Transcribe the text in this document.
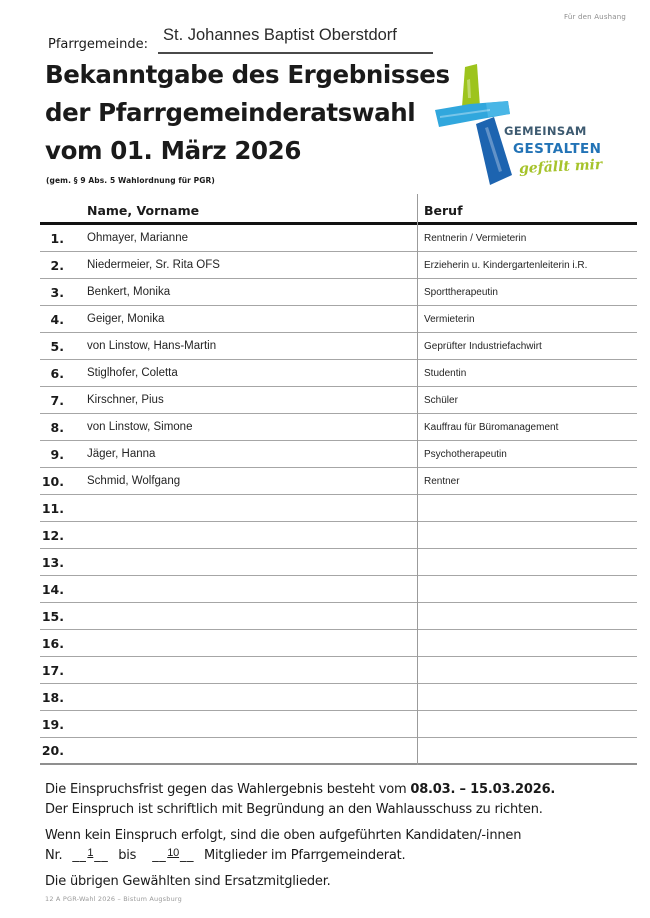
Für den Aushang
Pfarrgemeinde:
St. Johannes Baptist Oberstdorf
Bekanntgabe des Ergebnisses
der Pfarrgemeinderatswahl
vom 01. März 2026
(gem. § 9 Abs. 5 Wahlordnung für PGR)
GEMEINSAM
GESTALTEN
gefällt mir
Name, Vorname	Beruf
1.	Ohmayer, Marianne	Rentnerin / Vermieterin
2.	Niedermeier, Sr. Rita OFS	Erzieherin u. Kindergartenleiterin i.R.
3.	Benkert, Monika	Sporttherapeutin
4.	Geiger, Monika	Vermieterin
5.	von Linstow, Hans-Martin	Geprüfter Industriefachwirt
6.	Stiglhofer, Coletta	Studentin
7.	Kirschner, Pius	Schüler
8.	von Linstow, Simone	Kauffrau für Büromanagement
9.	Jäger, Hanna	Psychotherapeutin
10.	Schmid, Wolfgang	Rentner
11.
12.
13.
14.
15.
16.
17.
18.
19.
20.
Die Einspruchsfrist gegen das Wahlergebnis besteht vom 08.03. – 15.03.2026.
Der Einspruch ist schriftlich mit Begründung an den Wahlausschuss zu richten.
Wenn kein Einspruch erfolgt, sind die oben aufgeführten Kandidaten/-innen
Nr. __$^1$__ bis __$^{10}$__ Mitglieder im Pfarrgemeinderat.
Die übrigen Gewählten sind Ersatzmitglieder.
12 A PGR-Wahl 2026 – Bistum Augsburg
